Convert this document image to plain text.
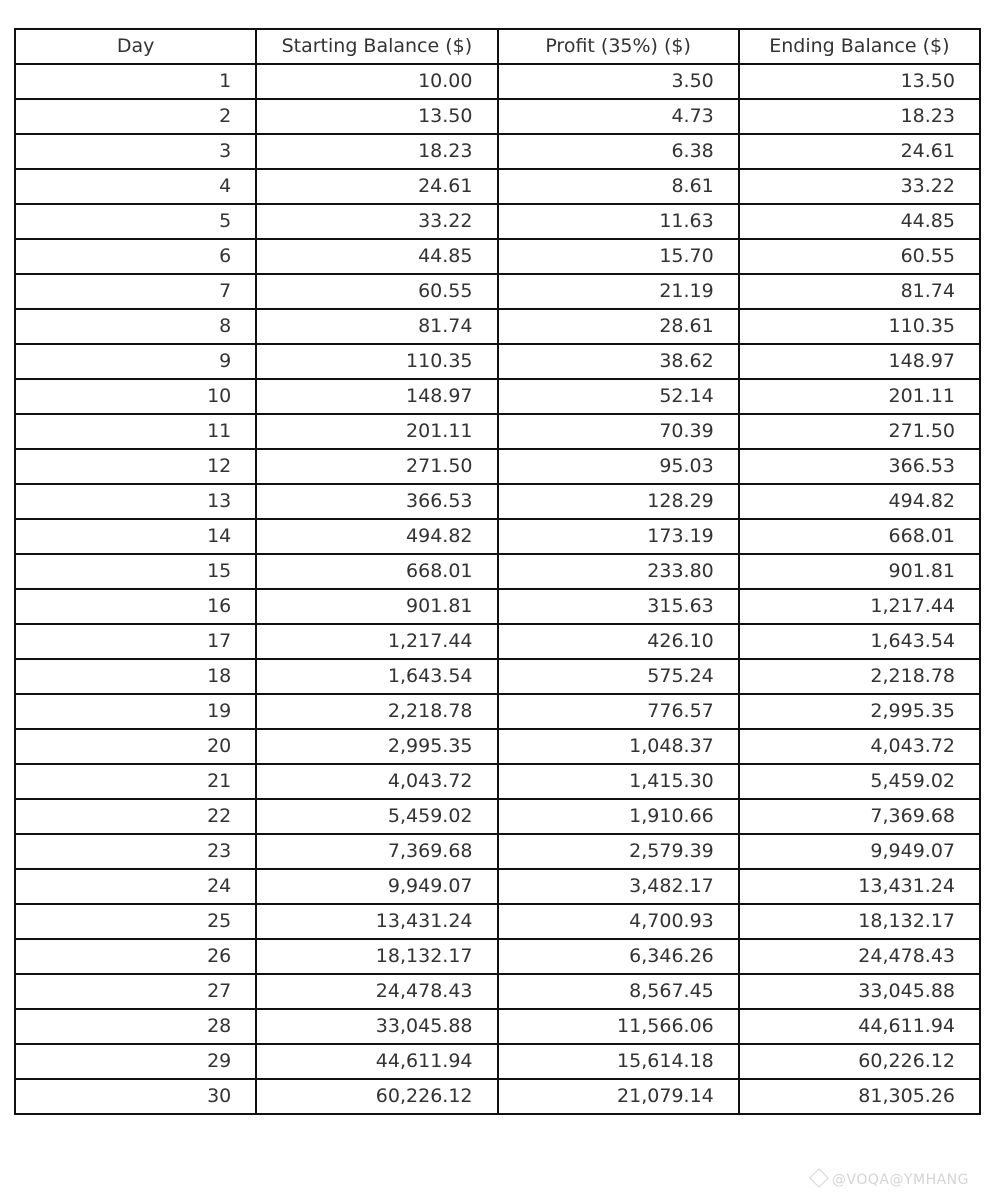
Day	Starting Balance ($)	Profit (35%) ($)	Ending Balance ($)
1	10.00	3.50	13.50
2	13.50	4.73	18.23
3	18.23	6.38	24.61
4	24.61	8.61	33.22
5	33.22	11.63	44.85
6	44.85	15.70	60.55
7	60.55	21.19	81.74
8	81.74	28.61	110.35
9	110.35	38.62	148.97
10	148.97	52.14	201.11
11	201.11	70.39	271.50
12	271.50	95.03	366.53
13	366.53	128.29	494.82
14	494.82	173.19	668.01
15	668.01	233.80	901.81
16	901.81	315.63	1,217.44
17	1,217.44	426.10	1,643.54
18	1,643.54	575.24	2,218.78
19	2,218.78	776.57	2,995.35
20	2,995.35	1,048.37	4,043.72
21	4,043.72	1,415.30	5,459.02
22	5,459.02	1,910.66	7,369.68
23	7,369.68	2,579.39	9,949.07
24	9,949.07	3,482.17	13,431.24
25	13,431.24	4,700.93	18,132.17
26	18,132.17	6,346.26	24,478.43
27	24,478.43	8,567.45	33,045.88
28	33,045.88	11,566.06	44,611.94
29	44,611.94	15,614.18	60,226.12
30	60,226.12	21,079.14	81,305.26
@VOQA@YMHANG
